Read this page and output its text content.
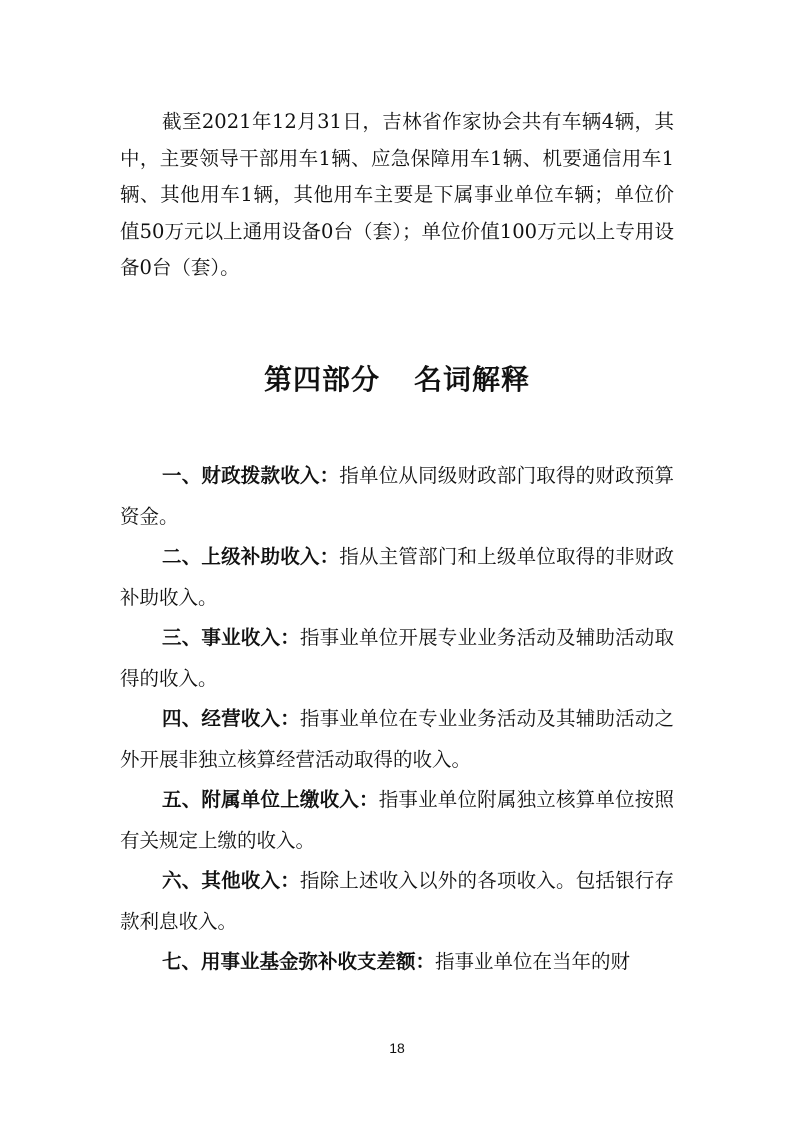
截至2021年12月31日，吉林省作家协会共有车辆4辆，其中，主要领导干部用车1辆、应急保障用车1辆、机要通信用车1辆、其他用车1辆，其他用车主要是下属事业单位车辆；单位价值50万元以上通用设备0台（套）；单位价值100万元以上专用设备0台（套）。

第四部分 名词解释
一、财政拨款收入：指单位从同级财政部门取得的财政预算资金。
二、上级补助收入：指从主管部门和上级单位取得的非财政补助收入。
三、事业收入：指事业单位开展专业业务活动及辅助活动取得的收入。
四、经营收入：指事业单位在专业业务活动及其辅助活动之外开展非独立核算经营活动取得的收入。
五、附属单位上缴收入：指事业单位附属独立核算单位按照有关规定上缴的收入。
六、其他收入：指除上述收入以外的各项收入。包括银行存款利息收入。
七、用事业基金弥补收支差额：指事业单位在当年的财
18
